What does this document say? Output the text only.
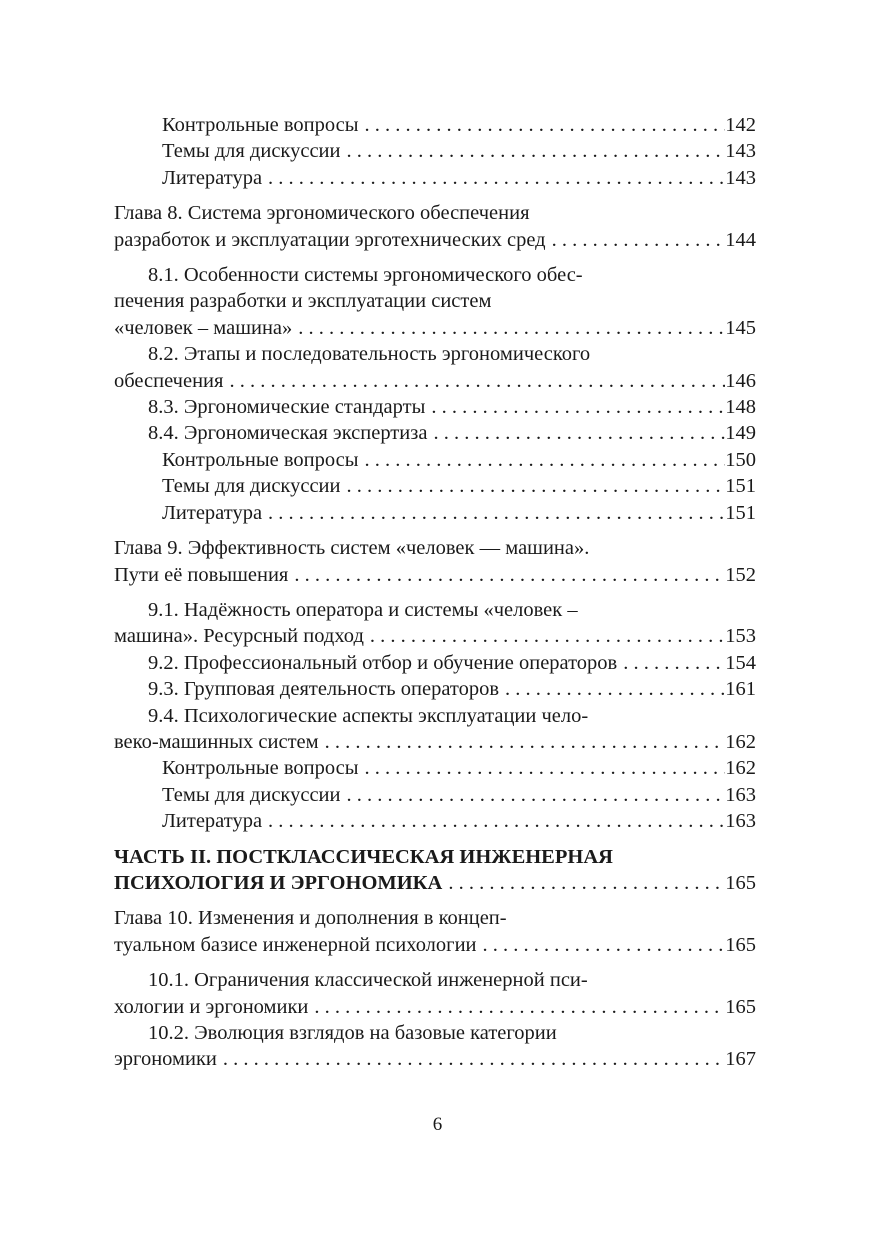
Контрольные вопросы . . .	142
Темы для дискуссии . . .	143
Литература . . .	143
Глава 8. Система эргономического обеспечения
разработок и эксплуатации эрготехнических сред . . .	144
8.1. Особенности системы эргономического обес-
печения разработки и эксплуатации систем
«человек – машина» . . .	145
8.2. Этапы и последовательность эргономического
обеспечения . . .	146
8.3. Эргономические стандарты . . .	148
8.4. Эргономическая экспертиза . . .	149
Контрольные вопросы . . .	150
Темы для дискуссии . . .	151
Литература . . .	151
Глава 9. Эффективность систем «человек — машина».
Пути её повышения . . .	152
9.1. Надёжность оператора и системы «человек –
машина». Ресурсный подход . . .	153
9.2. Профессиональный отбор и обучение операторов . . .	154
9.3. Групповая деятельность операторов . . .	161
9.4. Психологические аспекты эксплуатации чело-
веко-машинных систем . . .	162
Контрольные вопросы . . .	162
Темы для дискуссии . . .	163
Литература . . .	163
ЧАСТЬ II. ПОСТКЛАССИЧЕСКАЯ ИНЖЕНЕРНАЯ
ПСИХОЛОГИЯ И ЭРГОНОМИКА . . .	165
Глава 10. Изменения и дополнения в концеп-
туальном базисе инженерной психологии . . .	165
10.1. Ограничения классической инженерной пси-
хологии и эргономики . . .	165
10.2. Эволюция взглядов на базовые категории
эргономики . . .	167
6
